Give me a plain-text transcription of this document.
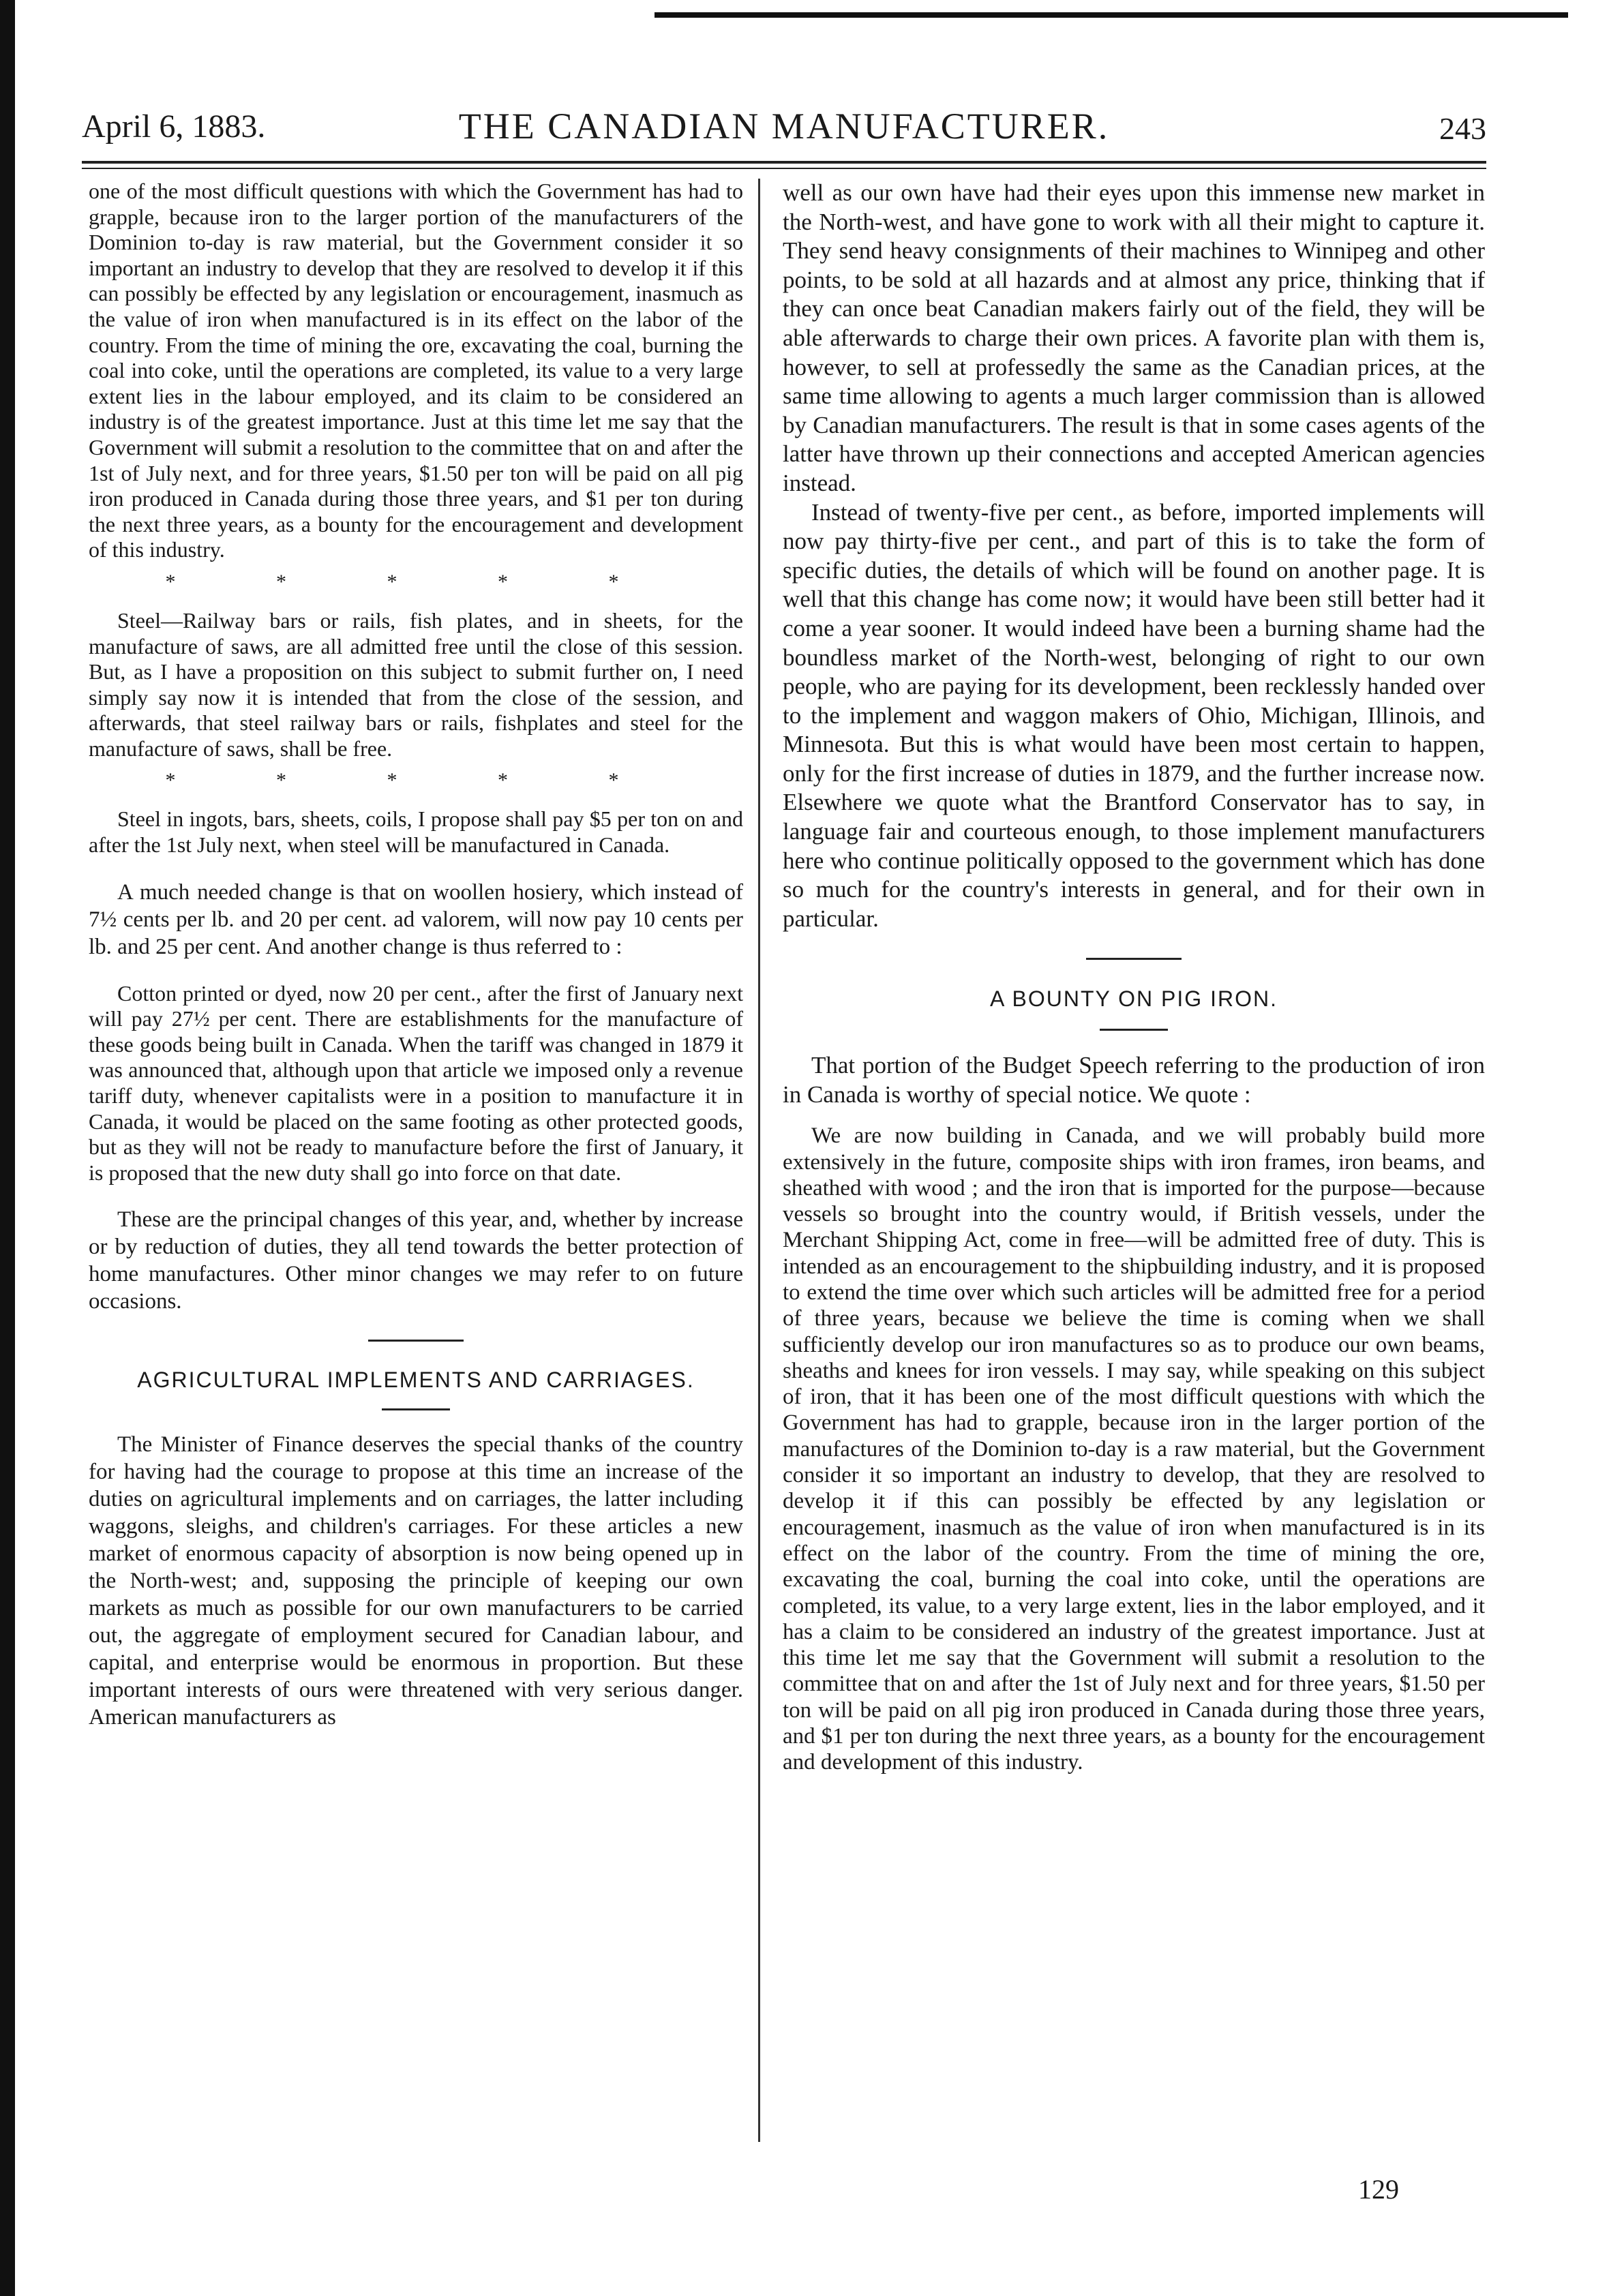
April 6, 1883.	THE CANADIAN MANUFACTURER.	243

one of the most difficult questions with which the Government has had to grapple, because iron to the larger portion of the manufacturers of the Dominion to-day is raw material, but the Government consider it so important an industry to develop that they are resolved to develop it if this can possibly be effected by any legislation or encouragement, inasmuch as the value of iron when manufactured is in its effect on the labor of the country. From the time of mining the ore, excavating the coal, burning the coal into coke, until the operations are completed, its value to a very large extent lies in the labour employed, and its claim to be considered an industry is of the greatest importance. Just at this time let me say that the Government will submit a resolution to the committee that on and after the 1st of July next, and for three years, $1.50 per ton will be paid on all pig iron produced in Canada during those three years, and $1 per ton during the next three years, as a bounty for the encouragement and development of this industry.

* * * * *

Steel—Railway bars or rails, fish plates, and in sheets, for the manufacture of saws, are all admitted free until the close of this session. But, as I have a proposition on this subject to submit further on, I need simply say now it is intended that from the close of the session, and afterwards, that steel railway bars or rails, fishplates and steel for the manufacture of saws, shall be free.

* * * * *

Steel in ingots, bars, sheets, coils, I propose shall pay $5 per ton on and after the 1st July next, when steel will be manufactured in Canada.

A much needed change is that on woollen hosiery, which instead of 7½ cents per lb. and 20 per cent. ad valorem, will now pay 10 cents per lb. and 25 per cent. And another change is thus referred to :

Cotton printed or dyed, now 20 per cent., after the first of January next will pay 27½ per cent. There are establishments for the manufacture of these goods being built in Canada. When the tariff was changed in 1879 it was announced that, although upon that article we imposed only a revenue tariff duty, whenever capitalists were in a position to manufacture it in Canada, it would be placed on the same footing as other protected goods, but as they will not be ready to manufacture before the first of January, it is proposed that the new duty shall go into force on that date.

These are the principal changes of this year, and, whether by increase or by reduction of duties, they all tend towards the better protection of home manufactures. Other minor changes we may refer to on future occasions.

AGRICULTURAL IMPLEMENTS AND CARRIAGES.

The Minister of Finance deserves the special thanks of the country for having had the courage to propose at this time an increase of the duties on agricultural implements and on carriages, the latter including waggons, sleighs, and children's carriages. For these articles a new market of enormous capacity of absorption is now being opened up in the North-west; and, supposing the principle of keeping our own markets as much as possible for our own manufacturers to be carried out, the aggregate of employment secured for Canadian labour, and capital, and enterprise would be enormous in proportion. But these important interests of ours were threatened with very serious danger. American manufacturers as

well as our own have had their eyes upon this immense new market in the North-west, and have gone to work with all their might to capture it. They send heavy consignments of their machines to Winnipeg and other points, to be sold at all hazards and at almost any price, thinking that if they can once beat Canadian makers fairly out of the field, they will be able afterwards to charge their own prices. A favorite plan with them is, however, to sell at professedly the same as the Canadian prices, at the same time allowing to agents a much larger commission than is allowed by Canadian manufacturers. The result is that in some cases agents of the latter have thrown up their connections and accepted American agencies instead.

Instead of twenty-five per cent., as before, imported implements will now pay thirty-five per cent., and part of this is to take the form of specific duties, the details of which will be found on another page. It is well that this change has come now; it would have been still better had it come a year sooner. It would indeed have been a burning shame had the boundless market of the North-west, belonging of right to our own people, who are paying for its development, been recklessly handed over to the implement and waggon makers of Ohio, Michigan, Illinois, and Minnesota. But this is what would have been most certain to happen, only for the first increase of duties in 1879, and the further increase now. Elsewhere we quote what the Brantford Conservator has to say, in language fair and courteous enough, to those implement manufacturers here who continue politically opposed to the government which has done so much for the country's interests in general, and for their own in particular.

A BOUNTY ON PIG IRON.

That portion of the Budget Speech referring to the production of iron in Canada is worthy of special notice. We quote :

We are now building in Canada, and we will probably build more extensively in the future, composite ships with iron frames, iron beams, and sheathed with wood ; and the iron that is imported for the purpose—because vessels so brought into the country would, if British vessels, under the Merchant Shipping Act, come in free—will be admitted free of duty. This is intended as an encouragement to the shipbuilding industry, and it is proposed to extend the time over which such articles will be admitted free for a period of three years, because we believe the time is coming when we shall sufficiently develop our iron manufactures so as to produce our own beams, sheaths and knees for iron vessels. I may say, while speaking on this subject of iron, that it has been one of the most difficult questions with which the Government has had to grapple, because iron in the larger portion of the manufactures of the Dominion to-day is a raw material, but the Government consider it so important an industry to develop, that they are resolved to develop it if this can possibly be effected by any legislation or encouragement, inasmuch as the value of iron when manufactured is in its effect on the labor of the country. From the time of mining the ore, excavating the coal, burning the coal into coke, until the operations are completed, its value, to a very large extent, lies in the labor employed, and it has a claim to be considered an industry of the greatest importance. Just at this time let me say that the Government will submit a resolution to the committee that on and after the 1st of July next and for three years, $1.50 per ton will be paid on all pig iron produced in Canada during those three years, and $1 per ton during the next three years, as a bounty for the encouragement and development of this industry.

129
